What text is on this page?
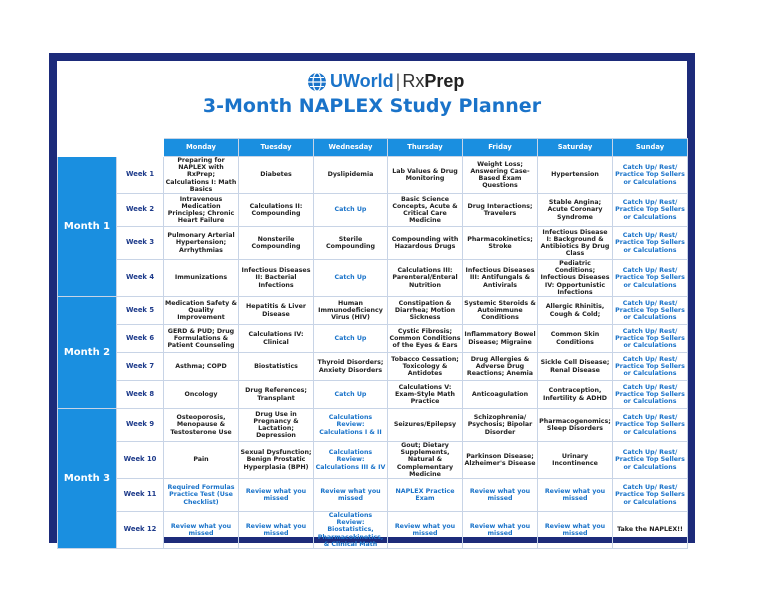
UWorld | Rx Prep
3-Month NAPLEX Study Planner
		Monday	Tuesday	Wednesday	Thursday	Friday	Saturday	Sunday
Month 1	Week 1	Preparing for NAPLEX with RxPrep; Calculations I: Math Basics	Diabetes	Dyslipidemia	Lab Values & Drug Monitoring	Weight Loss; Answering Case-Based Exam Questions	Hypertension	Catch Up/ Rest/ Practice Top Sellers or Calculations
	Week 2	Intravenous Medication Principles; Chronic Heart Failure	Calculations II: Compounding	Catch Up	Basic Science Concepts, Acute & Critical Care Medicine	Drug Interactions; Travelers	Stable Angina; Acute Coronary Syndrome	Catch Up/ Rest/ Practice Top Sellers or Calculations
	Week 3	Pulmonary Arterial Hypertension; Arrhythmias	Nonsterile Compounding	Sterile Compounding	Compounding with Hazardous Drugs	Pharmacokinetics; Stroke	Infectious Disease I: Background & Antibiotics By Drug Class	Catch Up/ Rest/ Practice Top Sellers or Calculations
	Week 4	Immunizations	Infectious Diseases II: Bacterial Infections	Catch Up	Calculations III: Parenteral/Enteral Nutrition	Infectious Diseases III: Antifungals & Antivirals	Pediatric Conditions; Infectious Diseases IV: Opportunistic Infections	Catch Up/ Rest/ Practice Top Sellers or Calculations
Month 2	Week 5	Medication Safety & Quality Improvement	Hepatitis & Liver Disease	Human Immunodeficiency Virus (HIV)	Constipation & Diarrhea; Motion Sickness	Systemic Steroids & Autoimmune Conditions	Allergic Rhinitis, Cough & Cold;	Catch Up/ Rest/ Practice Top Sellers or Calculations
	Week 6	GERD & PUD; Drug Formulations & Patient Counseling	Calculations IV: Clinical	Catch Up	Cystic Fibrosis; Common Conditions of the Eyes & Ears	Inflammatory Bowel Disease; Migraine	Common Skin Conditions	Catch Up/ Rest/ Practice Top Sellers or Calculations
	Week 7	Asthma; COPD	Biostatistics	Thyroid Disorders; Anxiety Disorders	Tobacco Cessation; Toxicology & Antidotes	Drug Allergies & Adverse Drug Reactions; Anemia	Sickle Cell Disease; Renal Disease	Catch Up/ Rest/ Practice Top Sellers or Calculations
	Week 8	Oncology	Drug References; Transplant	Catch Up	Calculations V: Exam-Style Math Practice	Anticoagulation	Contraception, Infertility & ADHD	Catch Up/ Rest/ Practice Top Sellers or Calculations
Month 3	Week 9	Osteoporosis, Menopause & Testosterone Use	Drug Use in Pregnancy & Lactation; Depression	Calculations Review: Calculations I & II	Seizures/Epilepsy	Schizophrenia/ Psychosis; Bipolar Disorder	Pharmacogenomics; Sleep Disorders	Catch Up/ Rest/ Practice Top Sellers or Calculations
	Week 10	Pain	Sexual Dysfunction; Benign Prostatic Hyperplasia (BPH)	Calculations Review: Calculations III & IV	Gout; Dietary Supplements, Natural & Complementary Medicine	Parkinson Disease; Alzheimer's Disease	Urinary Incontinence	Catch Up/ Rest/ Practice Top Sellers or Calculations
	Week 11	Required Formulas Practice Test (Use Checklist)	Review what you missed	Review what you missed	NAPLEX Practice Exam	Review what you missed	Review what you missed	Catch Up/ Rest/ Practice Top Sellers or Calculations
	Week 12	Review what you missed	Review what you missed	Calculations Review: Biostatistics, Pharmacokinetics, & Clinical Math	Review what you missed	Review what you missed	Review what you missed	Take the NAPLEX!!
